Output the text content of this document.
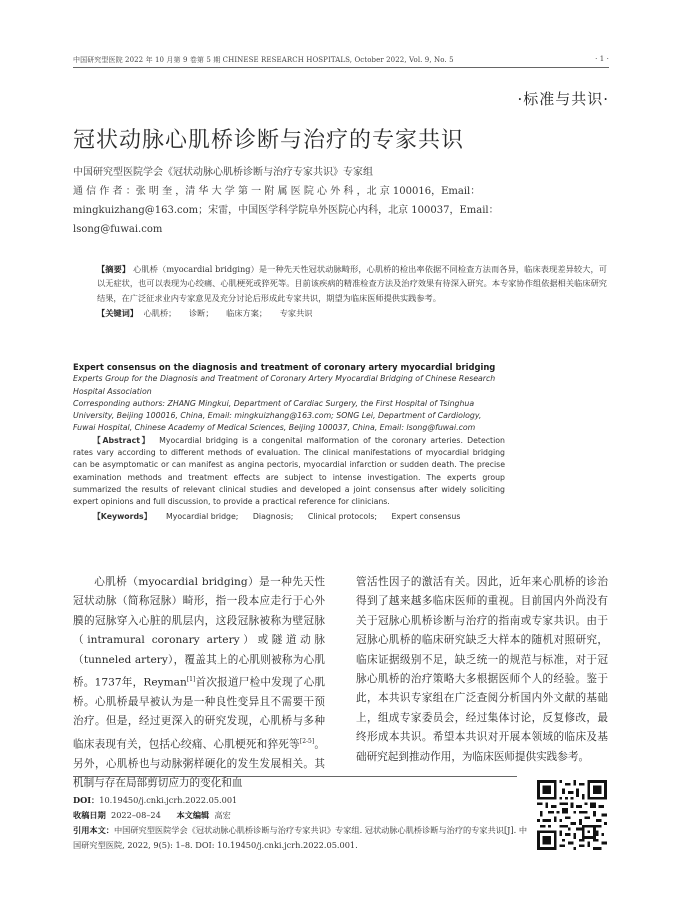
中国研究型医院 2022 年 10 月第 9 卷第 5 期 CHINESE RESEARCH HOSPITALS, October 2022, Vol. 9, No. 5	· 1 ·
·标准与共识·
冠状动脉心肌桥诊断与治疗的专家共识
中国研究型医院学会《冠状动脉心肌桥诊断与治疗专家共识》专家组
通 信 作 者 ：张 明 奎 ，清 华 大 学 第 一 附 属 医 院 心 外 科 ，北 京 100016，Email：
mingkuizhang@163.com；宋雷，中国医学科学院阜外医院心内科，北京 100037，Email：
lsong@fuwai.com
【摘要】 心肌桥（myocardial bridging）是一种先天性冠状动脉畸形，心肌桥的检出率依据不同检查方法而各异，临床表现差异较大，可以无症状，也可以表现为心绞痛、心肌梗死或猝死等。目前该疾病的精准检查方法及治疗效果有待深入研究。本专家协作组依据相关临床研究结果，在广泛征求业内专家意见及充分讨论后形成此专家共识，期望为临床医师提供实践参考。
【关键词】 心肌桥； 诊断； 临床方案； 专家共识
Expert consensus on the diagnosis and treatment of coronary artery myocardial bridging
Experts Group for the Diagnosis and Treatment of Coronary Artery Myocardial Bridging of Chinese Research Hospital Association
Corresponding authors: ZHANG Mingkui, Department of Cardiac Surgery, the First Hospital of Tsinghua University, Beijing 100016, China, Email: mingkuizhang@163.com; SONG Lei, Department of Cardiology, Fuwai Hospital, Chinese Academy of Medical Sciences, Beijing 100037, China, Email: lsong@fuwai.com
【Abstract】 Myocardial bridging is a congenital malformation of the coronary arteries. Detection rates vary according to different methods of evaluation. The clinical manifestations of myocardial bridging can be asymptomatic or can manifest as angina pectoris, myocardial infarction or sudden death. The precise examination methods and treatment effects are subject to intense investigation. The experts group summarized the results of relevant clinical studies and developed a joint consensus after widely soliciting expert opinions and full discussion, to provide a practical reference for clinicians.
【Keywords】 Myocardial bridge; Diagnosis; Clinical protocols; Expert consensus
心肌桥（myocardial bridging）是一种先天性冠状动脉（简称冠脉）畸形，指一段本应走行于心外膜的冠脉穿入心脏的肌层内，这段冠脉被称为壁冠脉（intramural coronary artery）或隧道动脉（tunneled artery），覆盖其上的心肌则被称为心肌桥。1737年，Reyman[1]首次报道尸检中发现了心肌桥。心肌桥最早被认为是一种良性变异且不需要干预治疗。但是，经过更深入的研究发现，心肌桥与多种临床表现有关，包括心绞痛、心肌梗死和猝死等[2-5]。另外，心肌桥也与动脉粥样硬化的发生发展相关。其机制与存在局部剪切应力的变化和血
管活性因子的激活有关。因此，近年来心肌桥的诊治得到了越来越多临床医师的重视。目前国内外尚没有关于冠脉心肌桥诊断与治疗的指南或专家共识。由于冠脉心肌桥的临床研究缺乏大样本的随机对照研究，临床证据级别不足，缺乏统一的规范与标准，对于冠脉心肌桥的治疗策略大多根据医师个人的经验。鉴于此，本共识专家组在广泛查阅分析国内外文献的基础上，组成专家委员会，经过集体讨论，反复修改，最终形成本共识。希望本共识对开展本领域的临床及基础研究起到推动作用，为临床医师提供实践参考。
DOI：10.19450/j.cnki.jcrh.2022.05.001
收稿日期 2022–08–24 本文编辑 高宏
引用本文：中国研究型医院学会《冠状动脉心肌桥诊断与治疗专家共识》专家组. 冠状动脉心肌桥诊断与治疗的专家共识[J]. 中国研究型医院, 2022, 9(5): 1–8. DOI: 10.19450/j.cnki.jcrh.2022.05.001.
